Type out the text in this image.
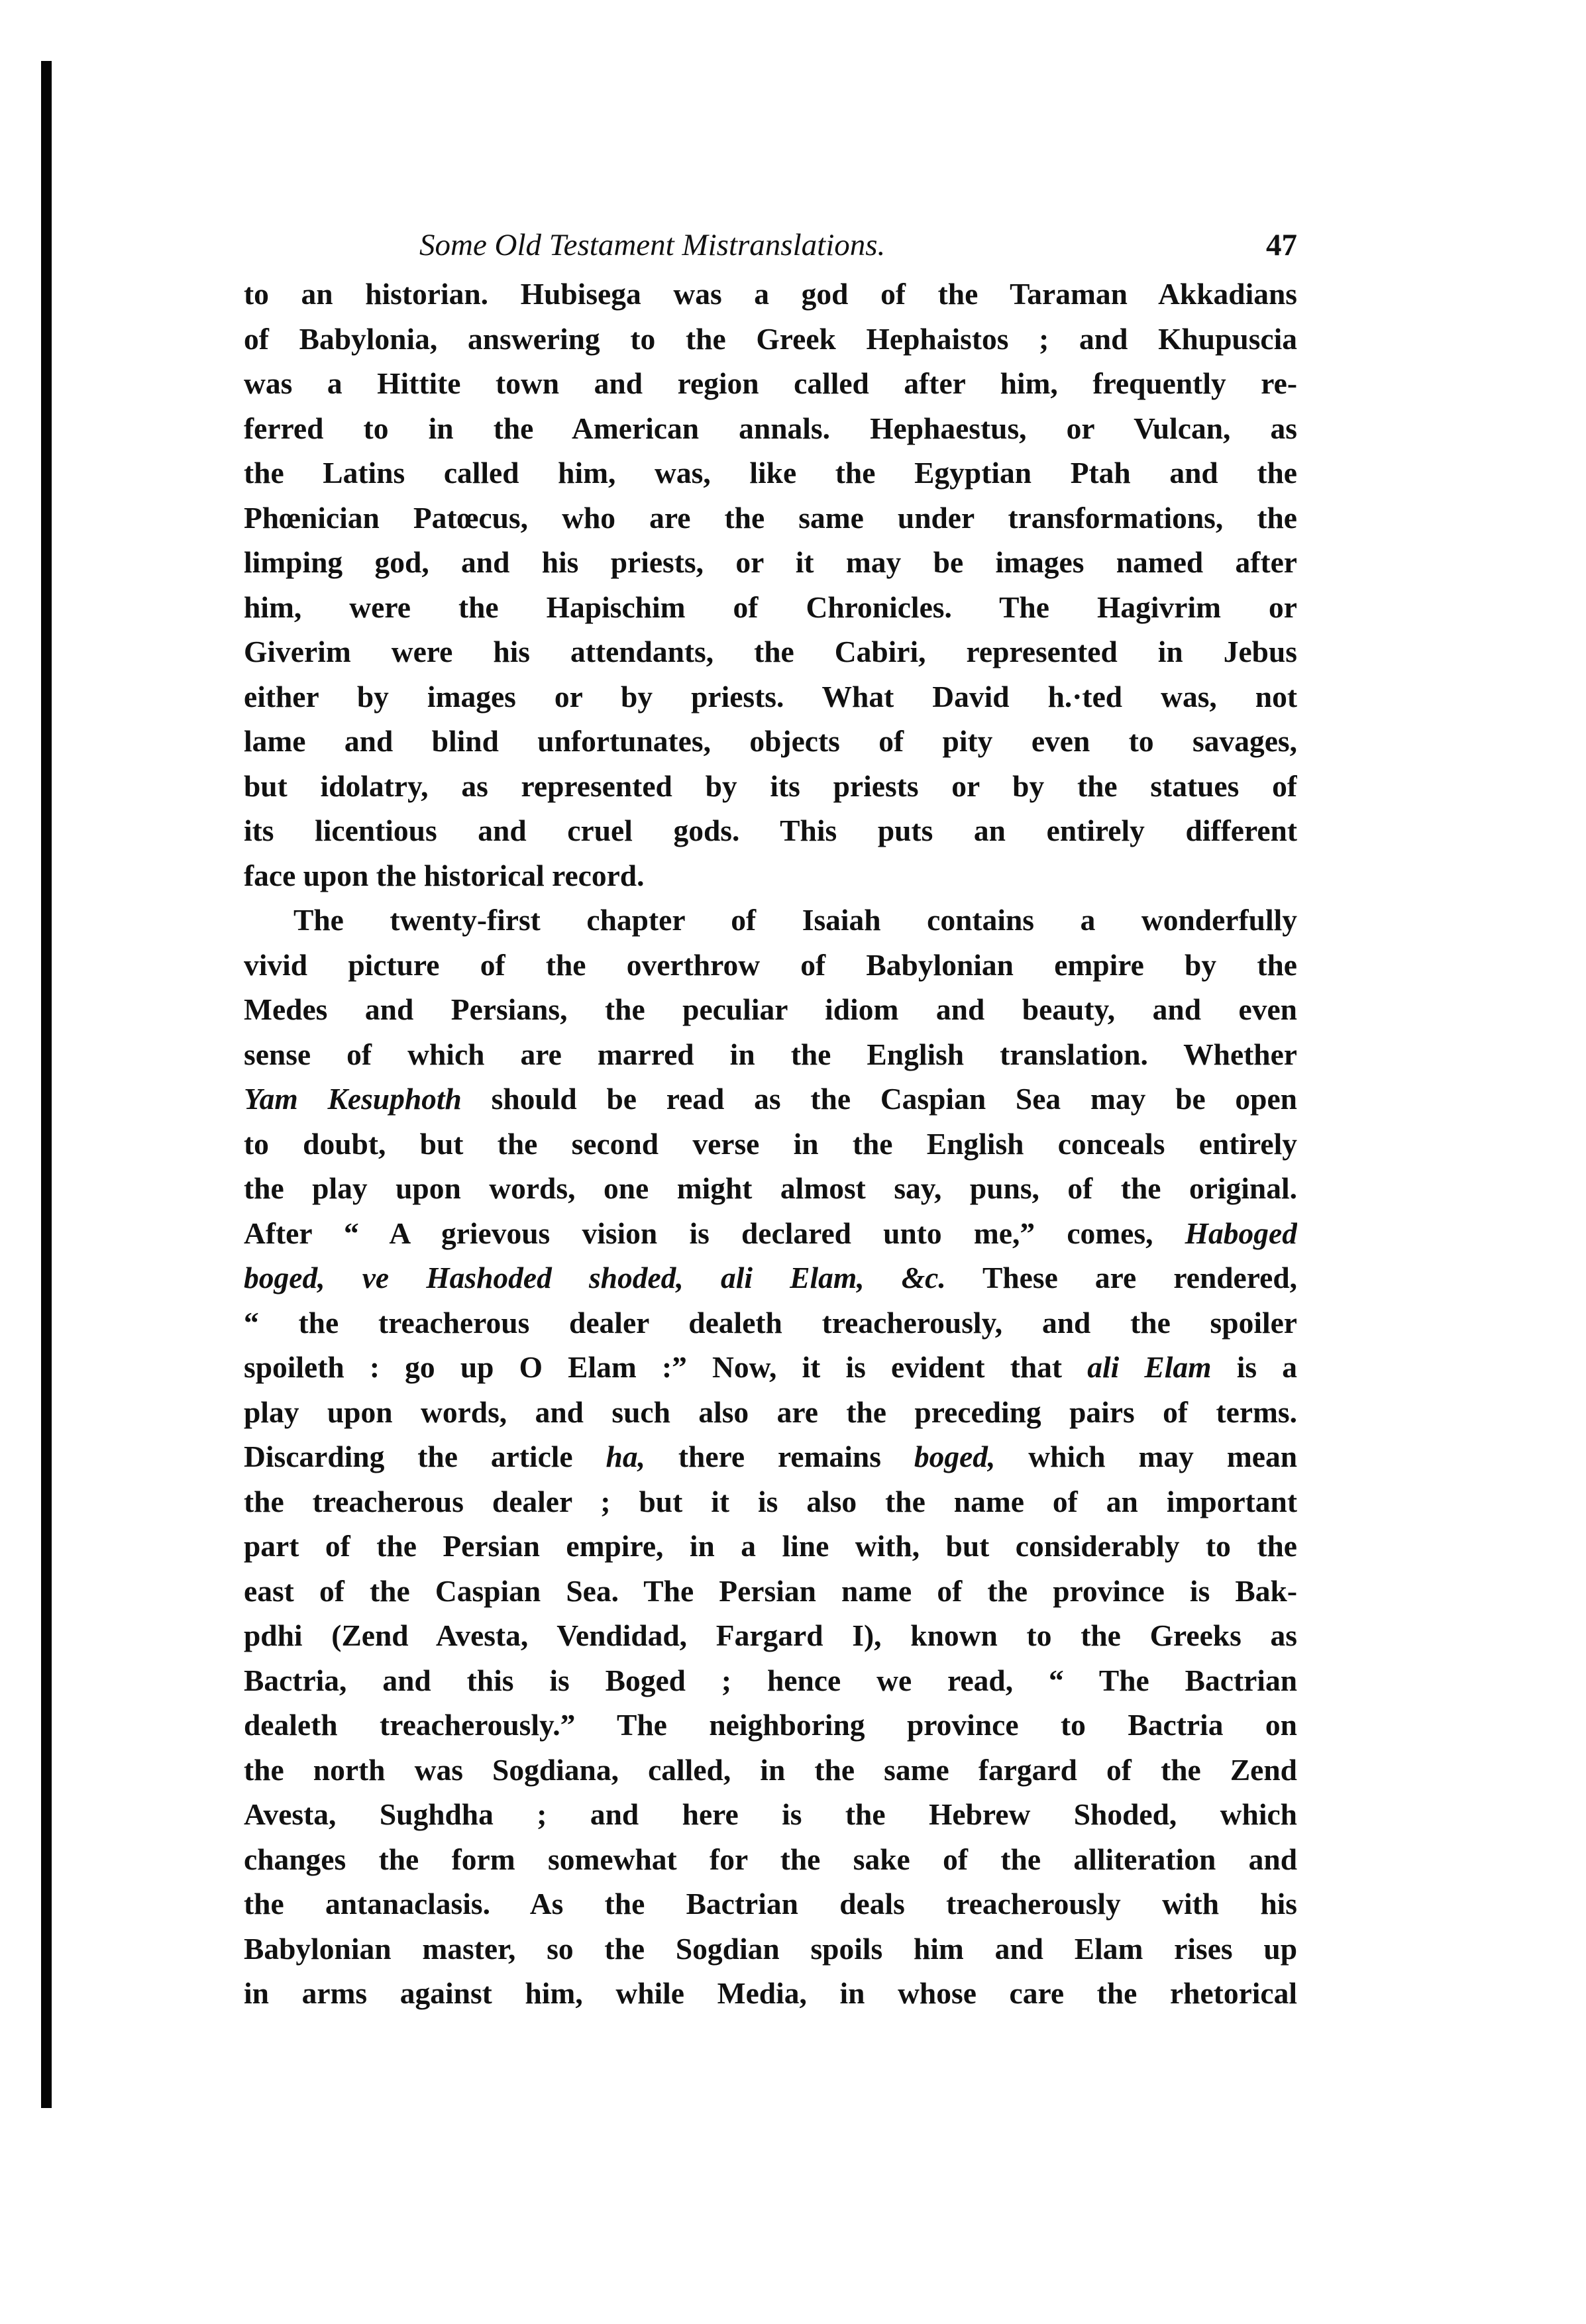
Some Old Testament Mistranslations.	47
to an historian. Hubisega was a god of the Taraman Akkadians
of Babylonia, answering to the Greek Hephaistos ; and Khupuscia
was a Hittite town and region called after him, frequently re-
ferred to in the American annals. Hephaestus, or Vulcan, as
the Latins called him, was, like the Egyptian Ptah and the
Phœnician Patœcus, who are the same under transformations, the
limping god, and his priests, or it may be images named after
him, were the Hapischim of Chronicles. The Hagivrim or
Giverim were his attendants, the Cabiri, represented in Jebus
either by images or by priests. What David h.·ted was, not
lame and blind unfortunates, objects of pity even to savages,
but idolatry, as represented by its priests or by the statues of
its licentious and cruel gods. This puts an entirely different
face upon the historical record.
The twenty-first chapter of Isaiah contains a wonderfully
vivid picture of the overthrow of Babylonian empire by the
Medes and Persians, the peculiar idiom and beauty, and even
sense of which are marred in the English translation. Whether
Yam Kesuphoth should be read as the Caspian Sea may be open
to doubt, but the second verse in the English conceals entirely
the play upon words, one might almost say, puns, of the original.
After “ A grievous vision is declared unto me,” comes, Haboged
boged, ve Hashoded shoded, ali Elam, &c. These are rendered,
“ the treacherous dealer dealeth treacherously, and the spoiler
spoileth : go up O Elam :” Now, it is evident that ali Elam is a
play upon words, and such also are the preceding pairs of terms.
Discarding the article ha, there remains boged, which may mean
the treacherous dealer ; but it is also the name of an important
part of the Persian empire, in a line with, but considerably to the
east of the Caspian Sea. The Persian name of the province is Bak-
pdhi (Zend Avesta, Vendidad, Fargard I), known to the Greeks as
Bactria, and this is Boged ; hence we read, “ The Bactrian
dealeth treacherously.” The neighboring province to Bactria on
the north was Sogdiana, called, in the same fargard of the Zend
Avesta, Sughdha ; and here is the Hebrew Shoded, which
changes the form somewhat for the sake of the alliteration and
the antanaclasis. As the Bactrian deals treacherously with his
Babylonian master, so the Sogdian spoils him and Elam rises up
in arms against him, while Media, in whose care the rhetorical
